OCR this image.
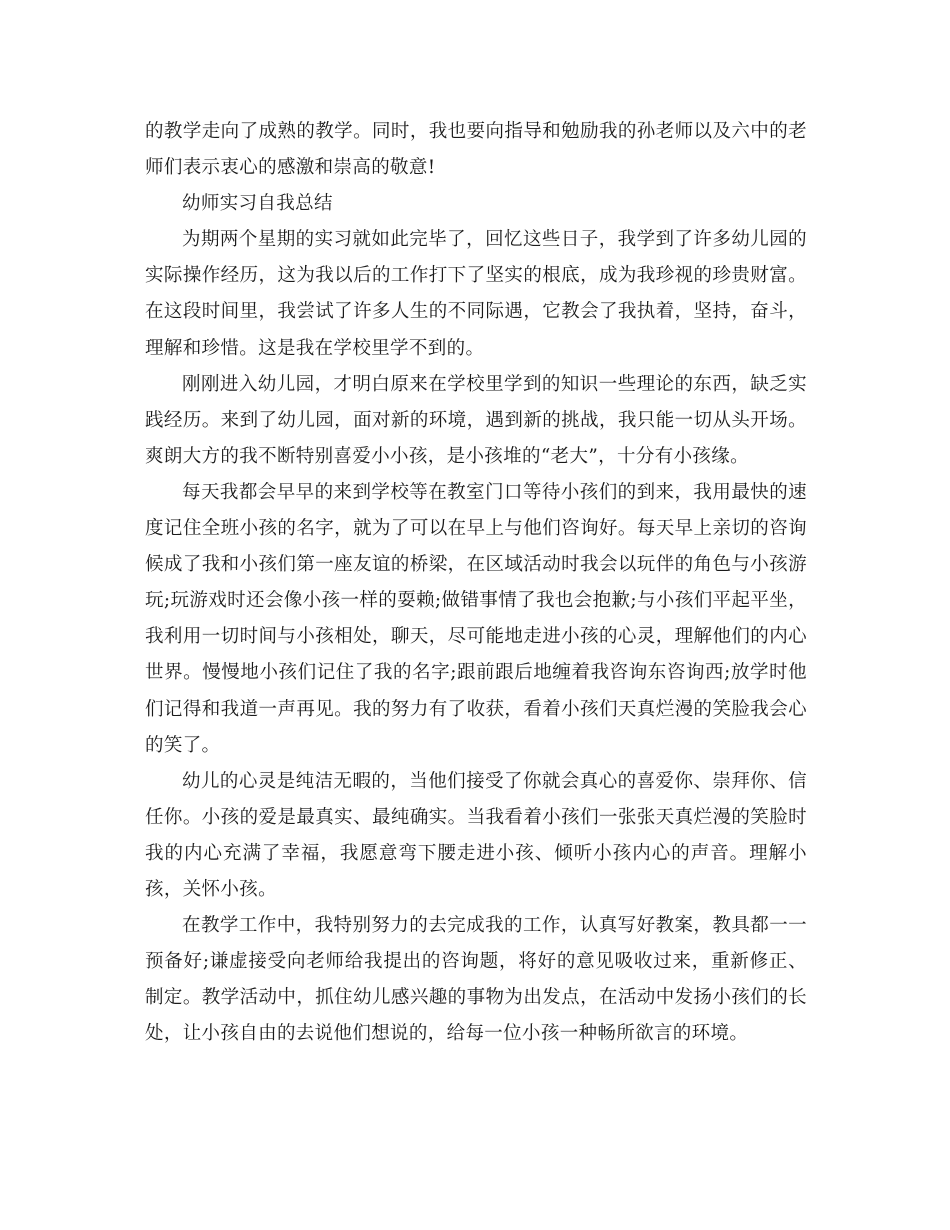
的教学走向了成熟的教学。同时，我也要向指导和勉励我的孙老师以及六中的老师们表示衷心的感激和崇高的敬意!

幼师实习自我总结

为期两个星期的实习就如此完毕了，回忆这些日子，我学到了许多幼儿园的实际操作经历，这为我以后的工作打下了坚实的根底，成为我珍视的珍贵财富。在这段时间里，我尝试了许多人生的不同际遇，它教会了我执着，坚持，奋斗，理解和珍惜。这是我在学校里学不到的。

刚刚进入幼儿园，才明白原来在学校里学到的知识一些理论的东西，缺乏实践经历。来到了幼儿园，面对新的环境，遇到新的挑战，我只能一切从头开场。爽朗大方的我不断特别喜爱小小孩，是小孩堆的“老大”，十分有小孩缘。

每天我都会早早的来到学校等在教室门口等待小孩们的到来，我用最快的速度记住全班小孩的名字，就为了可以在早上与他们咨询好。每天早上亲切的咨询候成了我和小孩们第一座友谊的桥梁，在区域活动时我会以玩伴的角色与小孩游玩;玩游戏时还会像小孩一样的耍赖;做错事情了我也会抱歉;与小孩们平起平坐，我利用一切时间与小孩相处，聊天，尽可能地走进小孩的心灵，理解他们的内心世界。慢慢地小孩们记住了我的名字;跟前跟后地缠着我咨询东咨询西;放学时他们记得和我道一声再见。我的努力有了收获，看着小孩们天真烂漫的笑脸我会心的笑了。

幼儿的心灵是纯洁无暇的，当他们接受了你就会真心的喜爱你、崇拜你、信任你。小孩的爱是最真实、最纯确实。当我看着小孩们一张张天真烂漫的笑脸时我的内心充满了幸福，我愿意弯下腰走进小孩、倾听小孩内心的声音。理解小孩，关怀小孩。

在教学工作中，我特别努力的去完成我的工作，认真写好教案，教具都一一预备好;谦虚接受向老师给我提出的咨询题，将好的意见吸收过来，重新修正、制定。教学活动中，抓住幼儿感兴趣的事物为出发点，在活动中发扬小孩们的长处，让小孩自由的去说他们想说的，给每一位小孩一种畅所欲言的环境。
